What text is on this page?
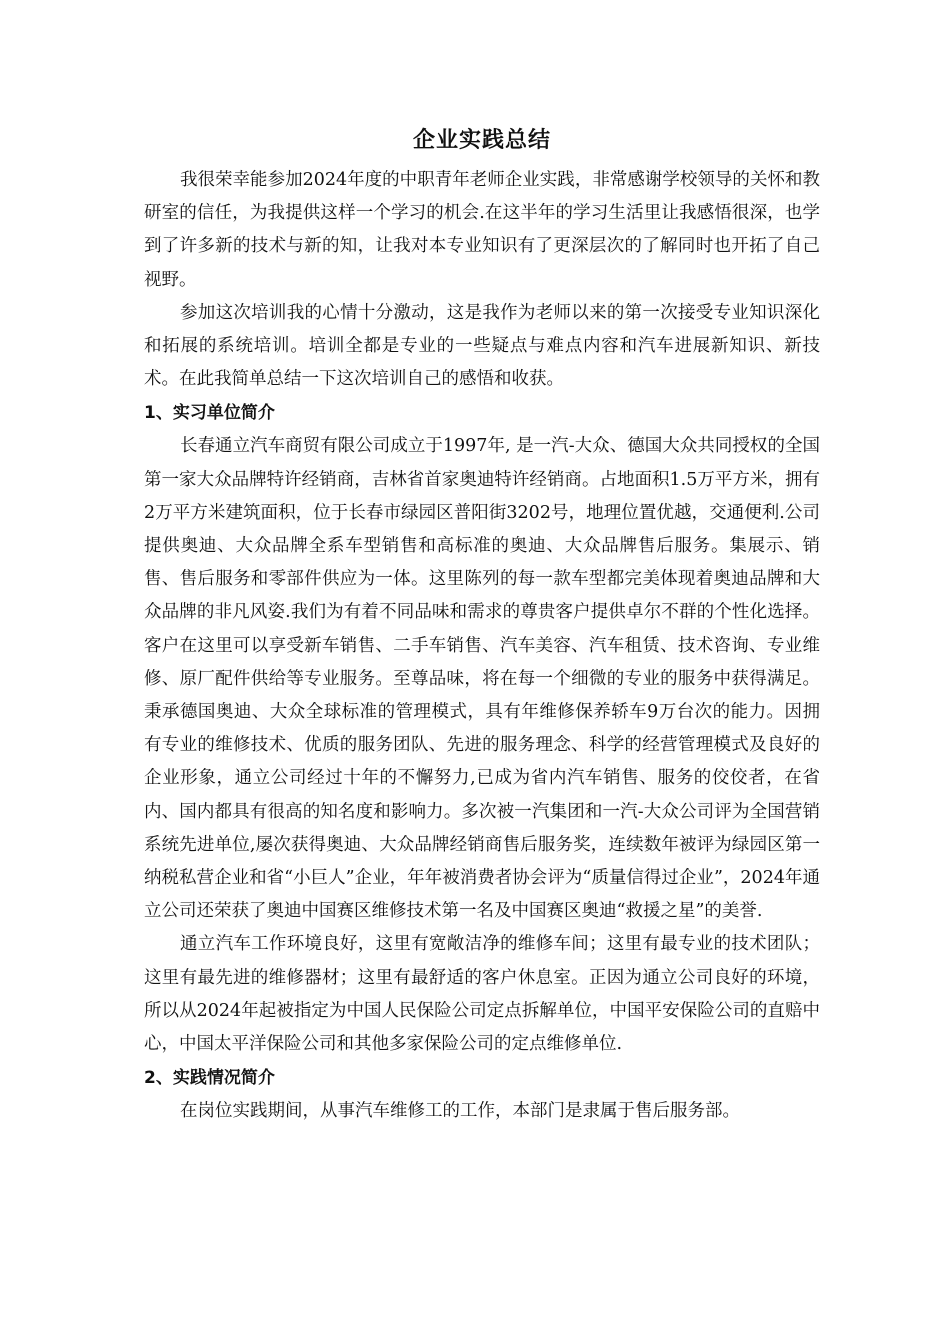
企业实践总结

我很荣幸能参加2024年度的中职青年老师企业实践，非常感谢学校领导的关怀和教研室的信任，为我提供这样一个学习的机会.在这半年的学习生活里让我感悟很深，也学到了许多新的技术与新的知，让我对本专业知识有了更深层次的了解同时也开拓了自己视野。

参加这次培训我的心情十分激动，这是我作为老师以来的第一次接受专业知识深化和拓展的系统培训。培训全都是专业的一些疑点与难点内容和汽车进展新知识、新技术。在此我简单总结一下这次培训自己的感悟和收获。

1、实习单位简介

长春通立汽车商贸有限公司成立于1997年, 是一汽-大众、德国大众共同授权的全国第一家大众品牌特许经销商，吉林省首家奥迪特许经销商。占地面积1.5万平方米，拥有2万平方米建筑面积，位于长春市绿园区普阳街3202号，地理位置优越，交通便利.公司提供奥迪、大众品牌全系车型销售和高标准的奥迪、大众品牌售后服务。集展示、销售、售后服务和零部件供应为一体。这里陈列的每一款车型都完美体现着奥迪品牌和大众品牌的非凡风姿.我们为有着不同品味和需求的尊贵客户提供卓尔不群的个性化选择。客户在这里可以享受新车销售、二手车销售、汽车美容、汽车租赁、技术咨询、专业维修、原厂配件供给等专业服务。至尊品味，将在每一个细微的专业的服务中获得满足。秉承德国奥迪、大众全球标准的管理模式，具有年维修保养轿车9万台次的能力。因拥有专业的维修技术、优质的服务团队、先进的服务理念、科学的经营管理模式及良好的企业形象，通立公司经过十年的不懈努力,已成为省内汽车销售、服务的佼佼者，在省内、国内都具有很高的知名度和影响力。多次被一汽集团和一汽-大众公司评为全国营销系统先进单位,屡次获得奥迪、大众品牌经销商售后服务奖，连续数年被评为绿园区第一纳税私营企业和省“小巨人”企业，年年被消费者协会评为“质量信得过企业”，2024年通立公司还荣获了奥迪中国赛区维修技术第一名及中国赛区奥迪“救援之星”的美誉.

通立汽车工作环境良好，这里有宽敞洁净的维修车间；这里有最专业的技术团队；这里有最先进的维修器材；这里有最舒适的客户休息室。正因为通立公司良好的环境，所以从2024年起被指定为中国人民保险公司定点拆解单位，中国平安保险公司的直赔中心，中国太平洋保险公司和其他多家保险公司的定点维修单位.

2、实践情况简介

在岗位实践期间，从事汽车维修工的工作，本部门是隶属于售后服务部。
